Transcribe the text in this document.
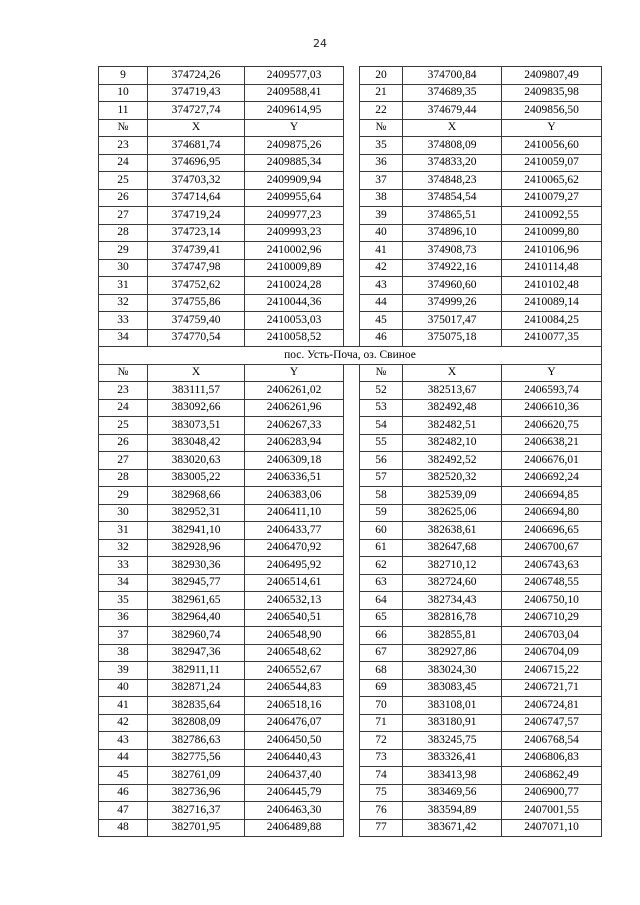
24
9	374724,26	2409577,03		20	374700,84	2409807,49
10	374719,43	2409588,41		21	374689,35	2409835,98
11	374727,74	2409614,95		22	374679,44	2409856,50
№	X	Y		№	X	Y
23	374681,74	2409875,26		35	374808,09	2410056,60
24	374696,95	2409885,34		36	374833,20	2410059,07
25	374703,32	2409909,94		37	374848,23	2410065,62
26	374714,64	2409955,64		38	374854,54	2410079,27
27	374719,24	2409977,23		39	374865,51	2410092,55
28	374723,14	2409993,23		40	374896,10	2410099,80
29	374739,41	2410002,96		41	374908,73	2410106,96
30	374747,98	2410009,89		42	374922,16	2410114,48
31	374752,62	2410024,28		43	374960,60	2410102,48
32	374755,86	2410044,36		44	374999,26	2410089,14
33	374759,40	2410053,03		45	375017,47	2410084,25
34	374770,54	2410058,52		46	375075,18	2410077,35
пос. Усть-Поча, оз. Свиное						
№	X	Y		№	X	Y
23	383111,57	2406261,02		52	382513,67	2406593,74
24	383092,66	2406261,96		53	382492,48	2406610,36
25	383073,51	2406267,33		54	382482,51	2406620,75
26	383048,42	2406283,94		55	382482,10	2406638,21
27	383020,63	2406309,18		56	382492,52	2406676,01
28	383005,22	2406336,51		57	382520,32	2406692,24
29	382968,66	2406383,06		58	382539,09	2406694,85
30	382952,31	2406411,10		59	382625,06	2406694,80
31	382941,10	2406433,77		60	382638,61	2406696,65
32	382928,96	2406470,92		61	382647,68	2406700,67
33	382930,36	2406495,92		62	382710,12	2406743,63
34	382945,77	2406514,61		63	382724,60	2406748,55
35	382961,65	2406532,13		64	382734,43	2406750,10
36	382964,40	2406540,51		65	382816,78	2406710,29
37	382960,74	2406548,90		66	382855,81	2406703,04
38	382947,36	2406548,62		67	382927,86	2406704,09
39	382911,11	2406552,67		68	383024,30	2406715,22
40	382871,24	2406544,83		69	383083,45	2406721,71
41	382835,64	2406518,16		70	383108,01	2406724,81
42	382808,09	2406476,07		71	383180,91	2406747,57
43	382786,63	2406450,50		72	383245,75	2406768,54
44	382775,56	2406440,43		73	383326,41	2406806,83
45	382761,09	2406437,40		74	383413,98	2406862,49
46	382736,96	2406445,79		75	383469,56	2406900,77
47	382716,37	2406463,30		76	383594,89	2407001,55
48	382701,95	2406489,88		77	383671,42	2407071,10
